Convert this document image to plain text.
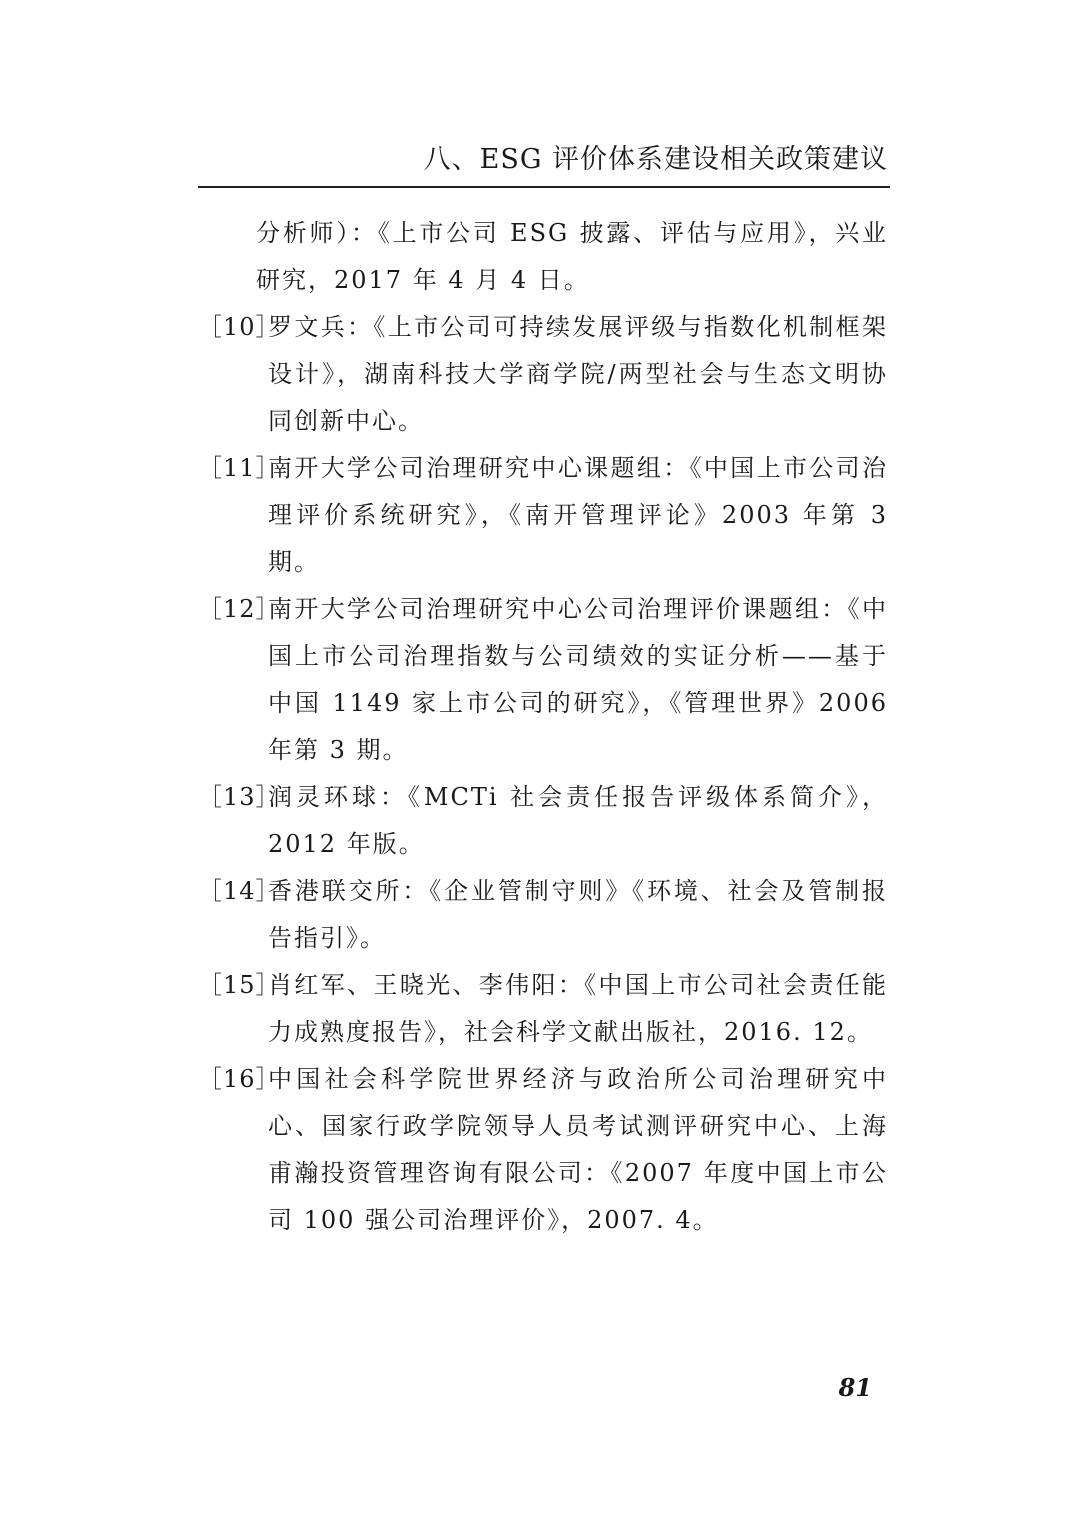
八、ESG 评价体系建设相关政策建议

分析师）：《上市公司 ESG 披露、评估与应用》，兴业研究，2017 年 4 月 4 日。

［10］
罗文兵：《上市公司可持续发展评级与指数化机制框架设计》，湖南科技大学商学院/两型社会与生态文明协同创新中心。

［11］
南开大学公司治理研究中心课题组：《中国上市公司治理评价系统研究》，《南开管理评论》2003 年第 3 期。

［12］
南开大学公司治理研究中心公司治理评价课题组：《中国上市公司治理指数与公司绩效的实证分析——基于中国 1149 家上市公司的研究》，《管理世界》2006 年第 3 期。

［13］
润灵环球：《MCTi 社会责任报告评级体系简介》，2012 年版。

［14］
香港联交所：《企业管制守则》《环境、社会及管制报告指引》。

［15］
肖红军、王晓光、李伟阳：《中国上市公司社会责任能力成熟度报告》，社会科学文献出版社，2016. 12。

［16］
中国社会科学院世界经济与政治所公司治理研究中心、国家行政学院领导人员考试测评研究中心、上海甫瀚投资管理咨询有限公司：《2007 年度中国上市公司 100 强公司治理评价》，2007. 4。

81
